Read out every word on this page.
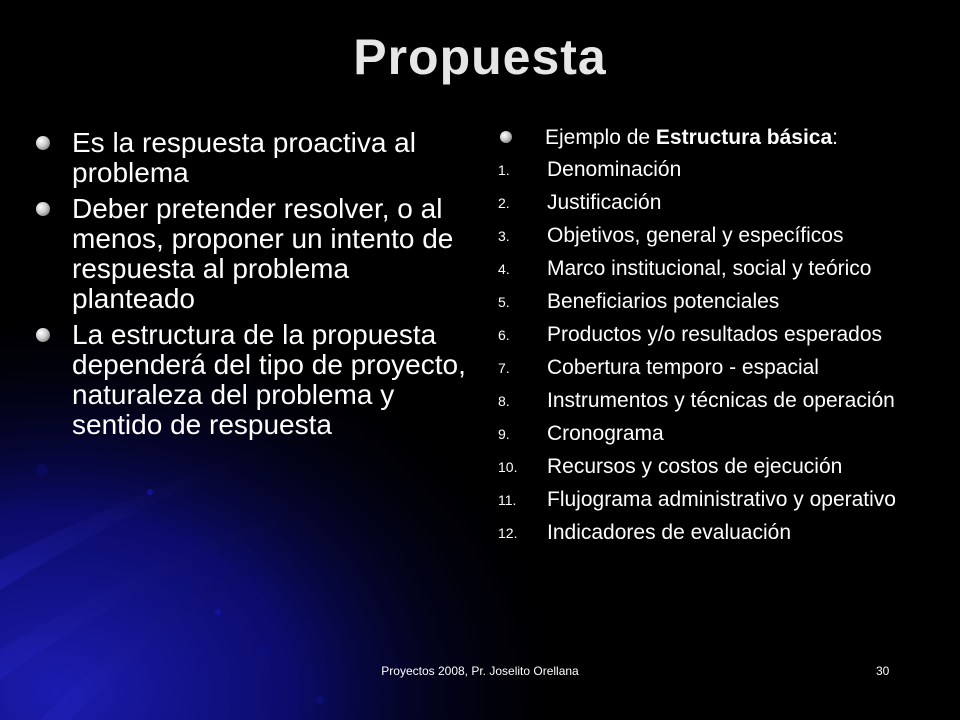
Propuesta
Es la respuesta proactiva al problema
Deber pretender resolver, o al menos, proponer un intento de respuesta al problema planteado
La estructura de la propuesta dependerá del tipo de proyecto, naturaleza del problema y sentido de respuesta
Ejemplo de Estructura básica:
1. Denominación
2. Justificación
3. Objetivos, general y específicos
4. Marco institucional, social y teórico
5. Beneficiarios potenciales
6. Productos y/o resultados esperados
7. Cobertura temporo - espacial
8. Instrumentos y técnicas de operación
9. Cronograma
10. Recursos y costos de ejecución
11. Flujograma administrativo y operativo
12. Indicadores de evaluación
Proyectos 2008, Pr. Joselito Orellana	30
